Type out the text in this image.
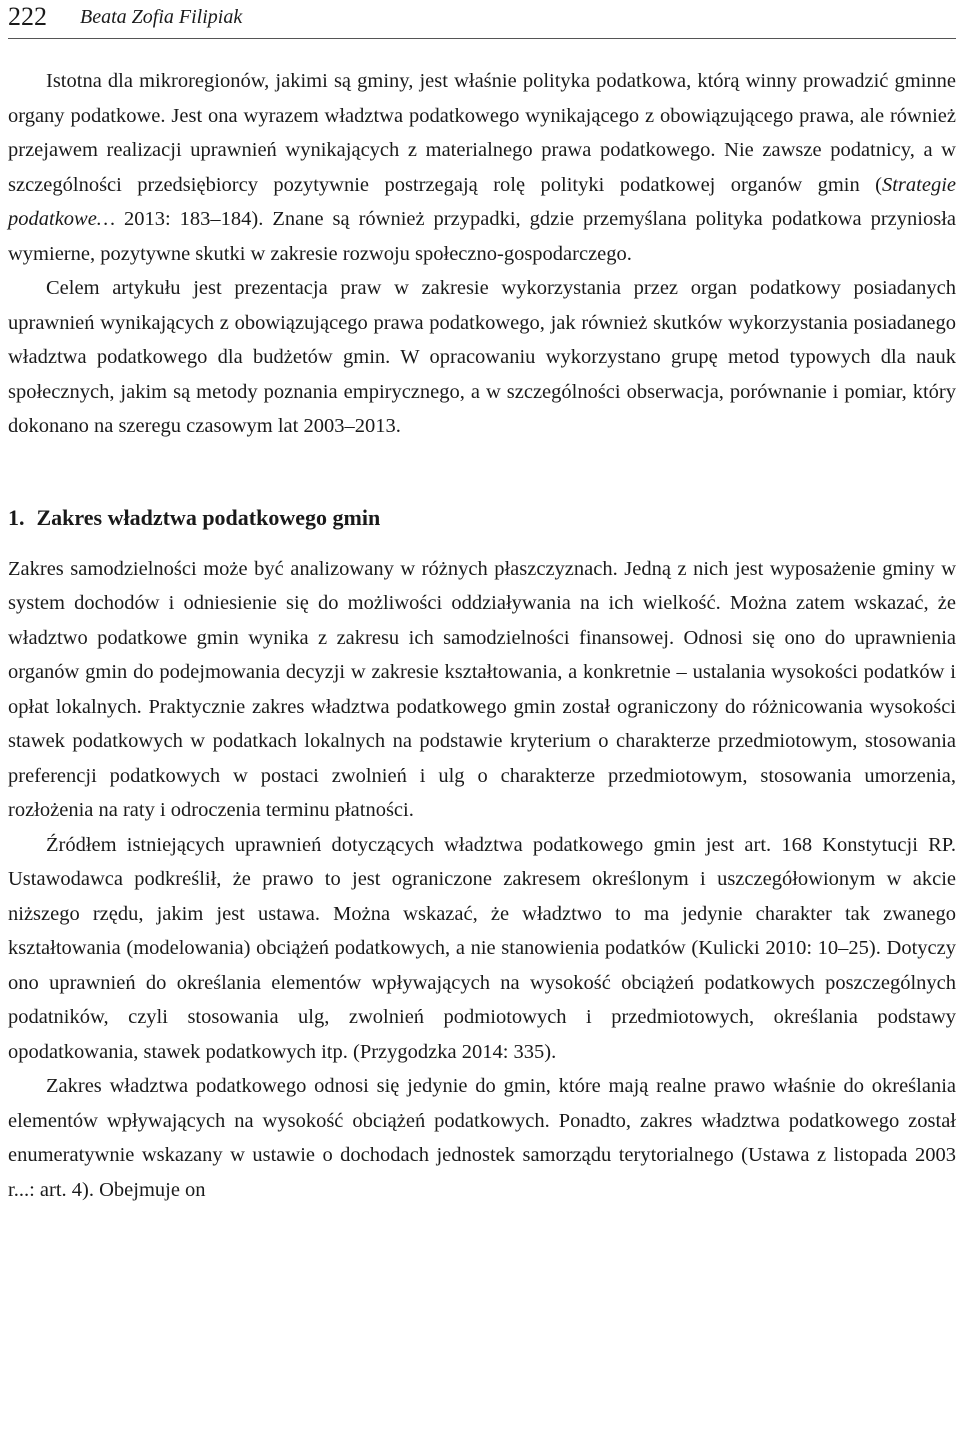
222 Beata Zofia Filipiak

Istotna dla mikroregionów, jakimi są gminy, jest właśnie polityka podatkowa, którą winny prowadzić gminne organy podatkowe. Jest ona wyrazem władztwa podatkowego wynikającego z obowiązującego prawa, ale również przejawem realizacji uprawnień wynikających z materialnego prawa podatkowego. Nie zawsze podatnicy, a w szczególności przedsiębiorcy pozytywnie postrzegają rolę polityki podatkowej organów gmin (Strategie podatkowe… 2013: 183–184). Znane są również przypadki, gdzie przemyślana polityka podatkowa przyniosła wymierne, pozytywne skutki w zakresie rozwoju społeczno-gospodarczego.

Celem artykułu jest prezentacja praw w zakresie wykorzystania przez organ podatkowy posiadanych uprawnień wynikających z obowiązującego prawa podatkowego, jak również skutków wykorzystania posiadanego władztwa podatkowego dla budżetów gmin. W opracowaniu wykorzystano grupę metod typowych dla nauk społecznych, jakim są metody poznania empirycznego, a w szczególności obserwacja, porównanie i pomiar, który dokonano na szeregu czasowym lat 2003–2013.

1. Zakres władztwa podatkowego gmin

Zakres samodzielności może być analizowany w różnych płaszczyznach. Jedną z nich jest wyposażenie gminy w system dochodów i odniesienie się do możliwości oddziaływania na ich wielkość. Można zatem wskazać, że władztwo podatkowe gmin wynika z zakresu ich samodzielności finansowej. Odnosi się ono do uprawnienia organów gmin do podejmowania decyzji w zakresie kształtowania, a konkretnie – ustalania wysokości podatków i opłat lokalnych. Praktycznie zakres władztwa podatkowego gmin został ograniczony do różnicowania wysokości stawek podatkowych w podatkach lokalnych na podstawie kryterium o charakterze przedmiotowym, stosowania preferencji podatkowych w postaci zwolnień i ulg o charakterze przedmiotowym, stosowania umorzenia, rozłożenia na raty i odroczenia terminu płatności.

Źródłem istniejących uprawnień dotyczących władztwa podatkowego gmin jest art. 168 Konstytucji RP. Ustawodawca podkreślił, że prawo to jest ograniczone zakresem określonym i uszczegółowionym w akcie niższego rzędu, jakim jest ustawa. Można wskazać, że władztwo to ma jedynie charakter tak zwanego kształtowania (modelowania) obciążeń podatkowych, a nie stanowienia podatków (Kulicki 2010: 10–25). Dotyczy ono uprawnień do określania elementów wpływających na wysokość obciążeń podatkowych poszczególnych podatników, czyli stosowania ulg, zwolnień podmiotowych i przedmiotowych, określania podstawy opodatkowania, stawek podatkowych itp. (Przygodzka 2014: 335).

Zakres władztwa podatkowego odnosi się jedynie do gmin, które mają realne prawo właśnie do określania elementów wpływających na wysokość obciążeń podatkowych. Ponadto, zakres władztwa podatkowego został enumeratywnie wskazany w ustawie o dochodach jednostek samorządu terytorialnego (Ustawa z listopada 2003 r...: art. 4). Obejmuje on
